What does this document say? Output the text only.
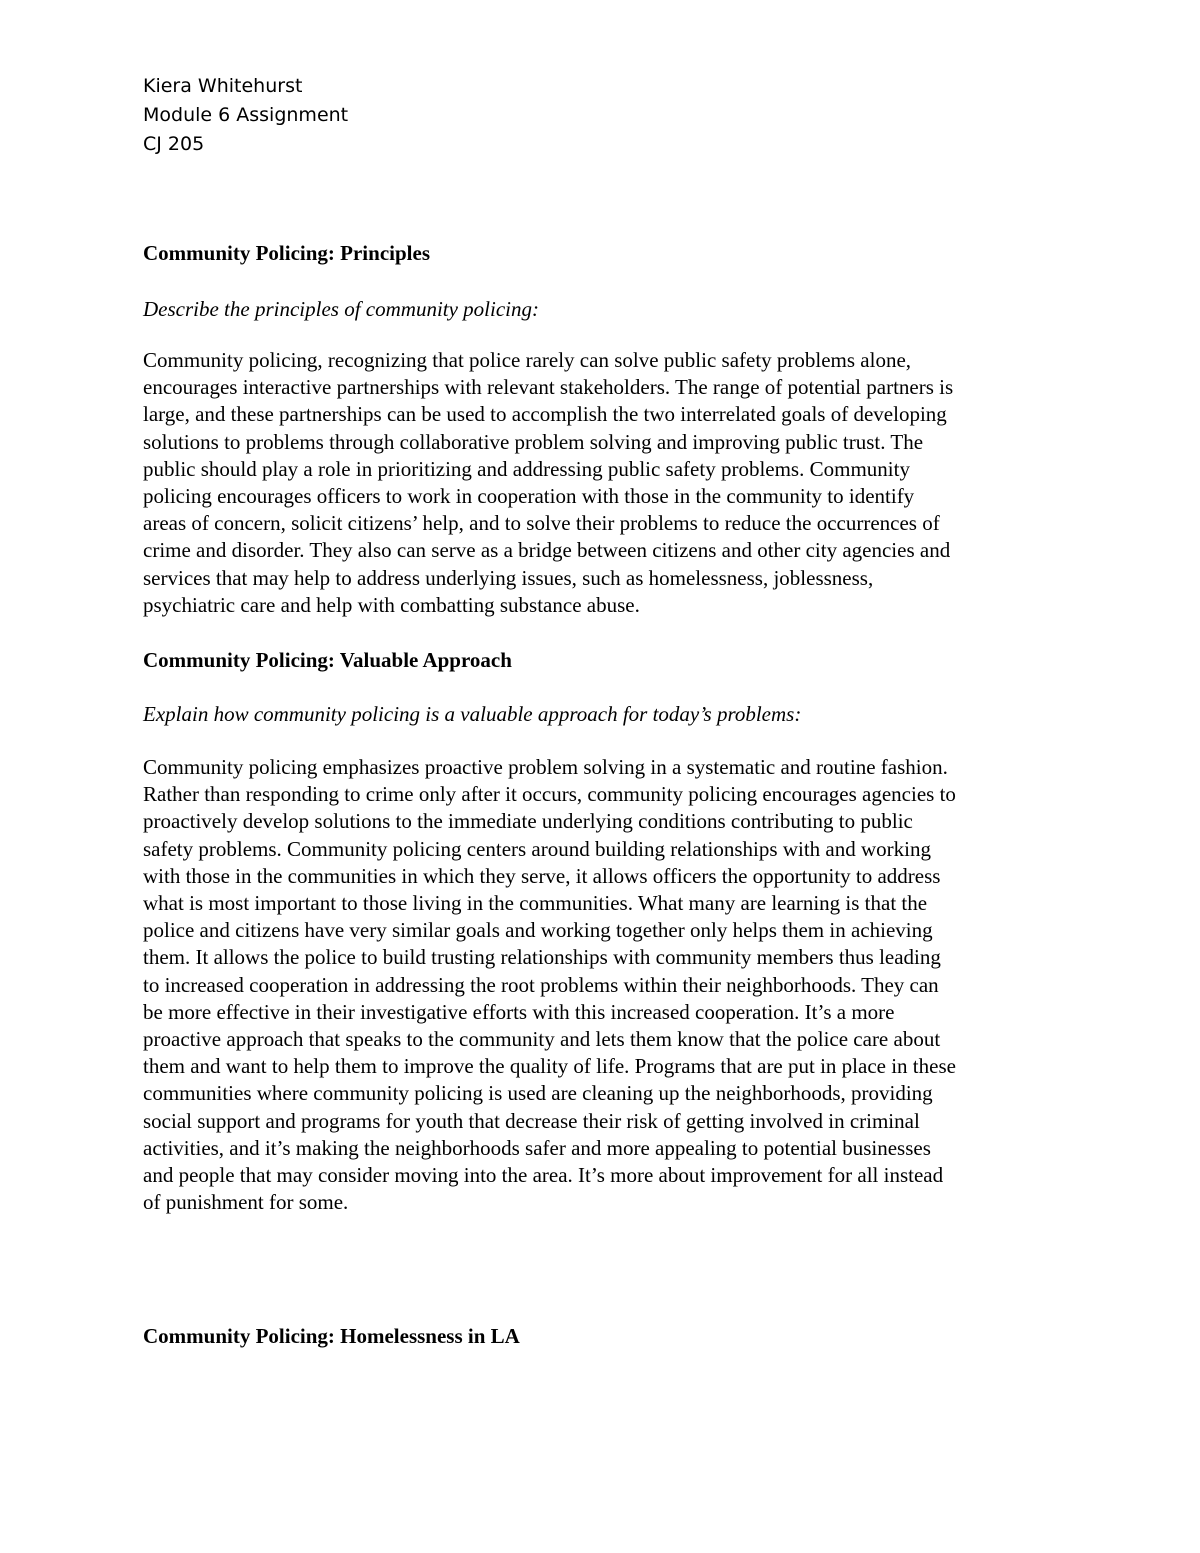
Kiera Whitehurst
Module 6 Assignment
CJ 205
Community Policing: Principles
Describe the principles of community policing:
Community policing, recognizing that police rarely can solve public safety problems alone,
encourages interactive partnerships with relevant stakeholders. The range of potential partners is
large, and these partnerships can be used to accomplish the two interrelated goals of developing
solutions to problems through collaborative problem solving and improving public trust. The
public should play a role in prioritizing and addressing public safety problems. Community
policing encourages officers to work in cooperation with those in the community to identify
areas of concern, solicit citizens’ help, and to solve their problems to reduce the occurrences of
crime and disorder. They also can serve as a bridge between citizens and other city agencies and
services that may help to address underlying issues, such as homelessness, joblessness,
psychiatric care and help with combatting substance abuse.
Community Policing: Valuable Approach
Explain how community policing is a valuable approach for today’s problems:
Community policing emphasizes proactive problem solving in a systematic and routine fashion.
Rather than responding to crime only after it occurs, community policing encourages agencies to
proactively develop solutions to the immediate underlying conditions contributing to public
safety problems. Community policing centers around building relationships with and working
with those in the communities in which they serve, it allows officers the opportunity to address
what is most important to those living in the communities. What many are learning is that the
police and citizens have very similar goals and working together only helps them in achieving
them. It allows the police to build trusting relationships with community members thus leading
to increased cooperation in addressing the root problems within their neighborhoods. They can
be more effective in their investigative efforts with this increased cooperation. It’s a more
proactive approach that speaks to the community and lets them know that the police care about
them and want to help them to improve the quality of life. Programs that are put in place in these
communities where community policing is used are cleaning up the neighborhoods, providing
social support and programs for youth that decrease their risk of getting involved in criminal
activities, and it’s making the neighborhoods safer and more appealing to potential businesses
and people that may consider moving into the area. It’s more about improvement for all instead
of punishment for some.
Community Policing: Homelessness in LA
